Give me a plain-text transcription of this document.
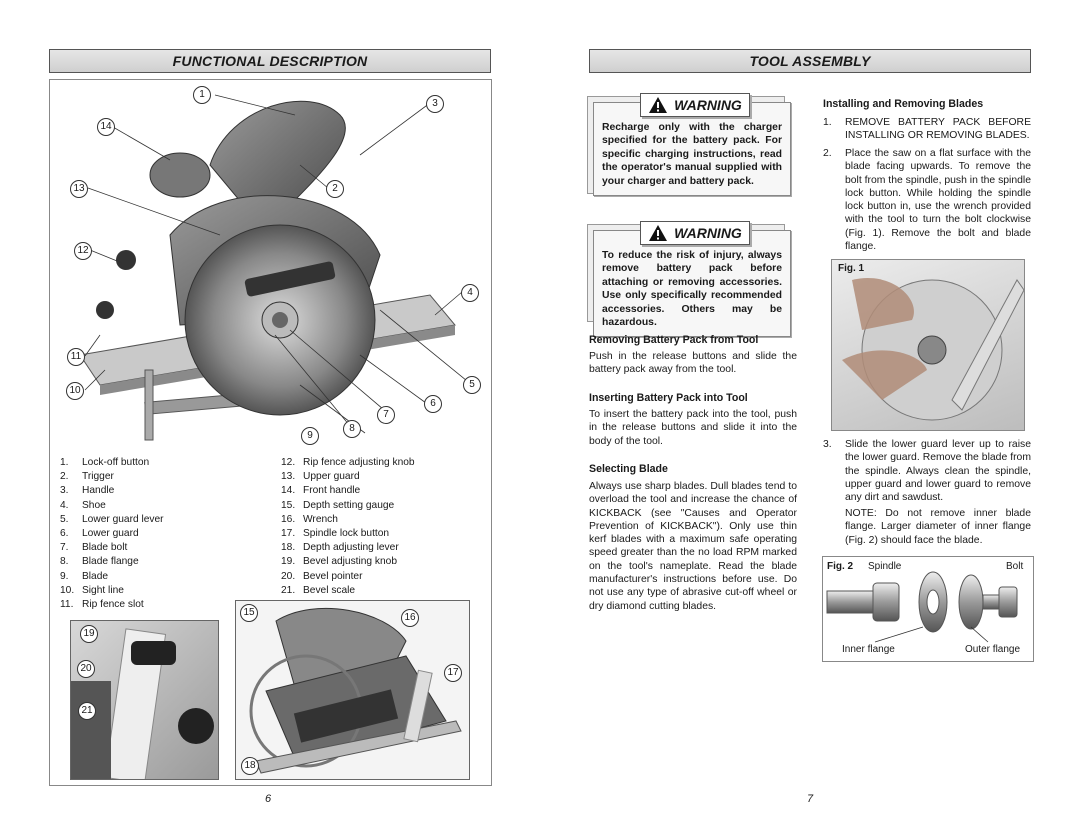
FUNCTIONAL DESCRIPTION
1
3
14
13	2
12
4
11
5
10
6
7
8
9
1.	Lock-off button
2.	Trigger
3.	Handle
4.	Shoe
5.	Lower guard lever
6.	Lower guard
7.	Blade bolt
8.	Blade flange
9.	Blade
10. Sight line
11. Rip fence slot
12. Rip fence adjusting knob
13. Upper guard
14. Front handle
15. Depth setting gauge
16. Wrench
17. Spindle lock button
18. Depth adjusting lever
19. Bevel adjusting knob
20. Bevel pointer
21. Bevel scale
19
20
21
15	16
17
18
6
TOOL ASSEMBLY
WARNING
Recharge only with the charger specified for the battery pack. For specific charging instructions, read the operator's manual supplied with your charger and battery pack.
WARNING
To reduce the risk of injury, always remove battery pack before attaching or removing accessories. Use only specifically recommended accessories. Others may be hazardous.
Removing Battery Pack from Tool
Push in the release buttons and slide the battery pack away from the tool.
Inserting Battery Pack into Tool
To insert the battery pack into the tool, push in the release buttons and slide it into the body of the tool.
Selecting Blade
Always use sharp blades. Dull blades tend to overload the tool and increase the chance of KICKBACK (see "Causes and Operator Prevention of KICKBACK"). Only use thin kerf blades with a maximum safe operating speed greater than the no load RPM marked on the tool's nameplate. Read the blade manufacturer's instructions before use. Do not use any type of abrasive cut-off wheel or dry diamond cutting blades.
Installing and Removing Blades
1.	REMOVE BATTERY PACK BEFORE INSTALLING OR REMOVING BLADES.
2.	Place the saw on a flat surface with the blade facing upwards. To remove the bolt from the spindle, push in the spindle lock button. While holding the spindle lock button in, use the wrench provided with the tool to turn the bolt clockwise (Fig. 1). Remove the bolt and blade flange.
Fig. 1
3.	Slide the lower guard lever up to raise the lower guard. Remove the blade from the spindle. Always clean the spindle, upper guard and lower guard to remove any dirt and sawdust.
NOTE: Do not remove inner blade flange. Larger diameter of inner flange (Fig. 2) should face the blade.
Fig. 2 Spindle	Bolt
Inner flange	Outer flange
7
